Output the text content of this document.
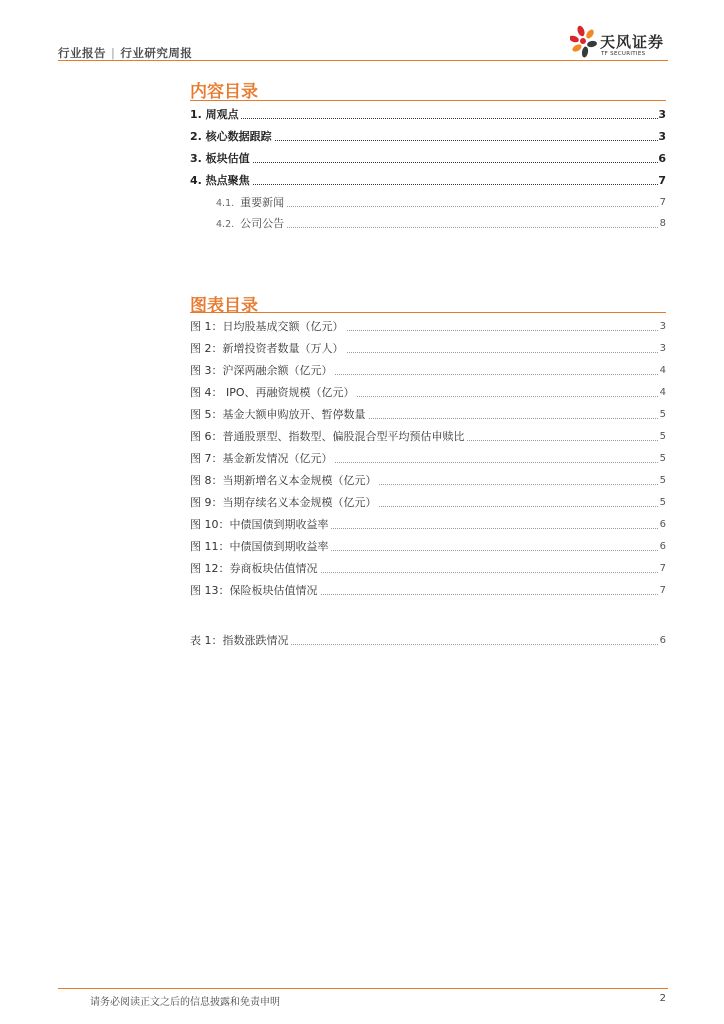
行业报告 | 行业研究周报
天风证券
TF SECURITIES
内容目录
1. 周观点	3
2. 核心数据跟踪	3
3. 板块估值	6
4. 热点聚焦	7
4.1. 重要新闻	7
4.2. 公司公告	8
图表目录
图 1：日均股基成交额（亿元）	3
图 2：新增投资者数量（万人）	3
图 3：沪深两融余额（亿元）	4
图 4： IPO、再融资规模（亿元）	4
图 5：基金大额申购放开、暂停数量	5
图 6：普通股票型、指数型、偏股混合型平均预估申赎比	5
图 7：基金新发情况（亿元）	5
图 8：当期新增名义本金规模（亿元）	5
图 9：当期存续名义本金规模（亿元）	5
图 10：中债国债到期收益率	6
图 11：中债国债到期收益率	6
图 12：券商板块估值情况	7
图 13：保险板块估值情况	7
表 1：指数涨跌情况	6
请务必阅读正文之后的信息披露和免责申明	2
